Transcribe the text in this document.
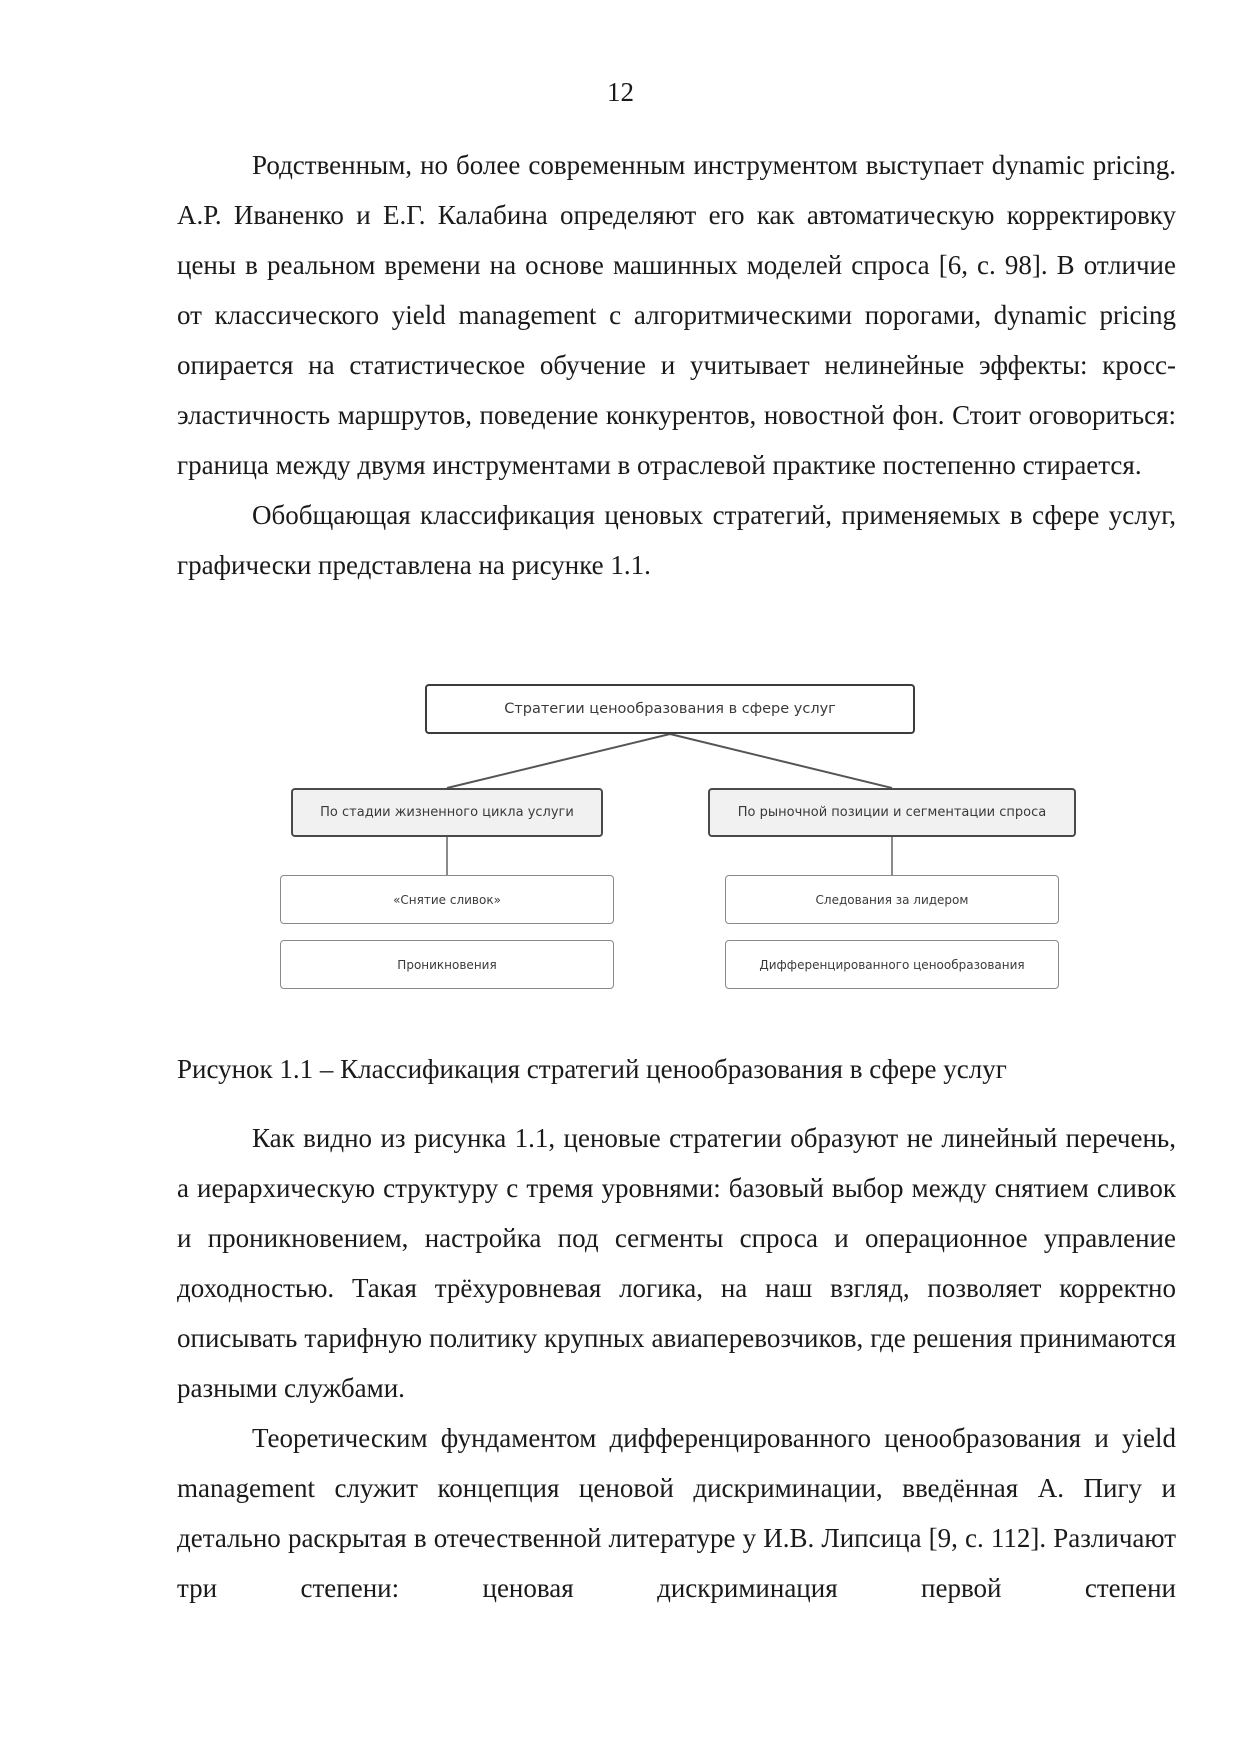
12

Родственным, но более современным инструментом выступает dynamic pricing. А.Р. Иваненко и Е.Г. Калабина определяют его как автоматическую корректировку цены в реальном времени на основе машинных моделей спроса [6, с. 98]. В отличие от классического yield management с алгоритмическими порогами, dynamic pricing опирается на статистическое обучение и учитывает нелинейные эффекты: кросс-эластичность маршрутов, поведение конкурентов, новостной фон. Стоит оговориться: граница между двумя инструментами в отраслевой практике постепенно стирается.

Обобщающая классификация ценовых стратегий, применяемых в сфере услуг, графически представлена на рисунке 1.1.

Стратегии ценообразования в сфере услуг
По стадии жизненного цикла услуги	По рыночной позиции и сегментации спроса
«Снятие сливок»
Проникновения
Следования за лидером
Дифференцированного ценообразования
Рисунок 1.1 – Классификация стратегий ценообразования в сфере услуг

Как видно из рисунка 1.1, ценовые стратегии образуют не линейный перечень, а иерархическую структуру с тремя уровнями: базовый выбор между снятием сливок и проникновением, настройка под сегменты спроса и операционное управление доходностью. Такая трёхуровневая логика, на наш взгляд, позволяет корректно описывать тарифную политику крупных авиаперевозчиков, где решения принимаются разными службами.

Теоретическим фундаментом дифференцированного ценообразования и yield management служит концепция ценовой дискриминации, введённая А. Пигу и детально раскрытая в отечественной литературе у И.В. Липсица [9, с. 112]. Различают три степени: ценовая дискриминация первой степени
